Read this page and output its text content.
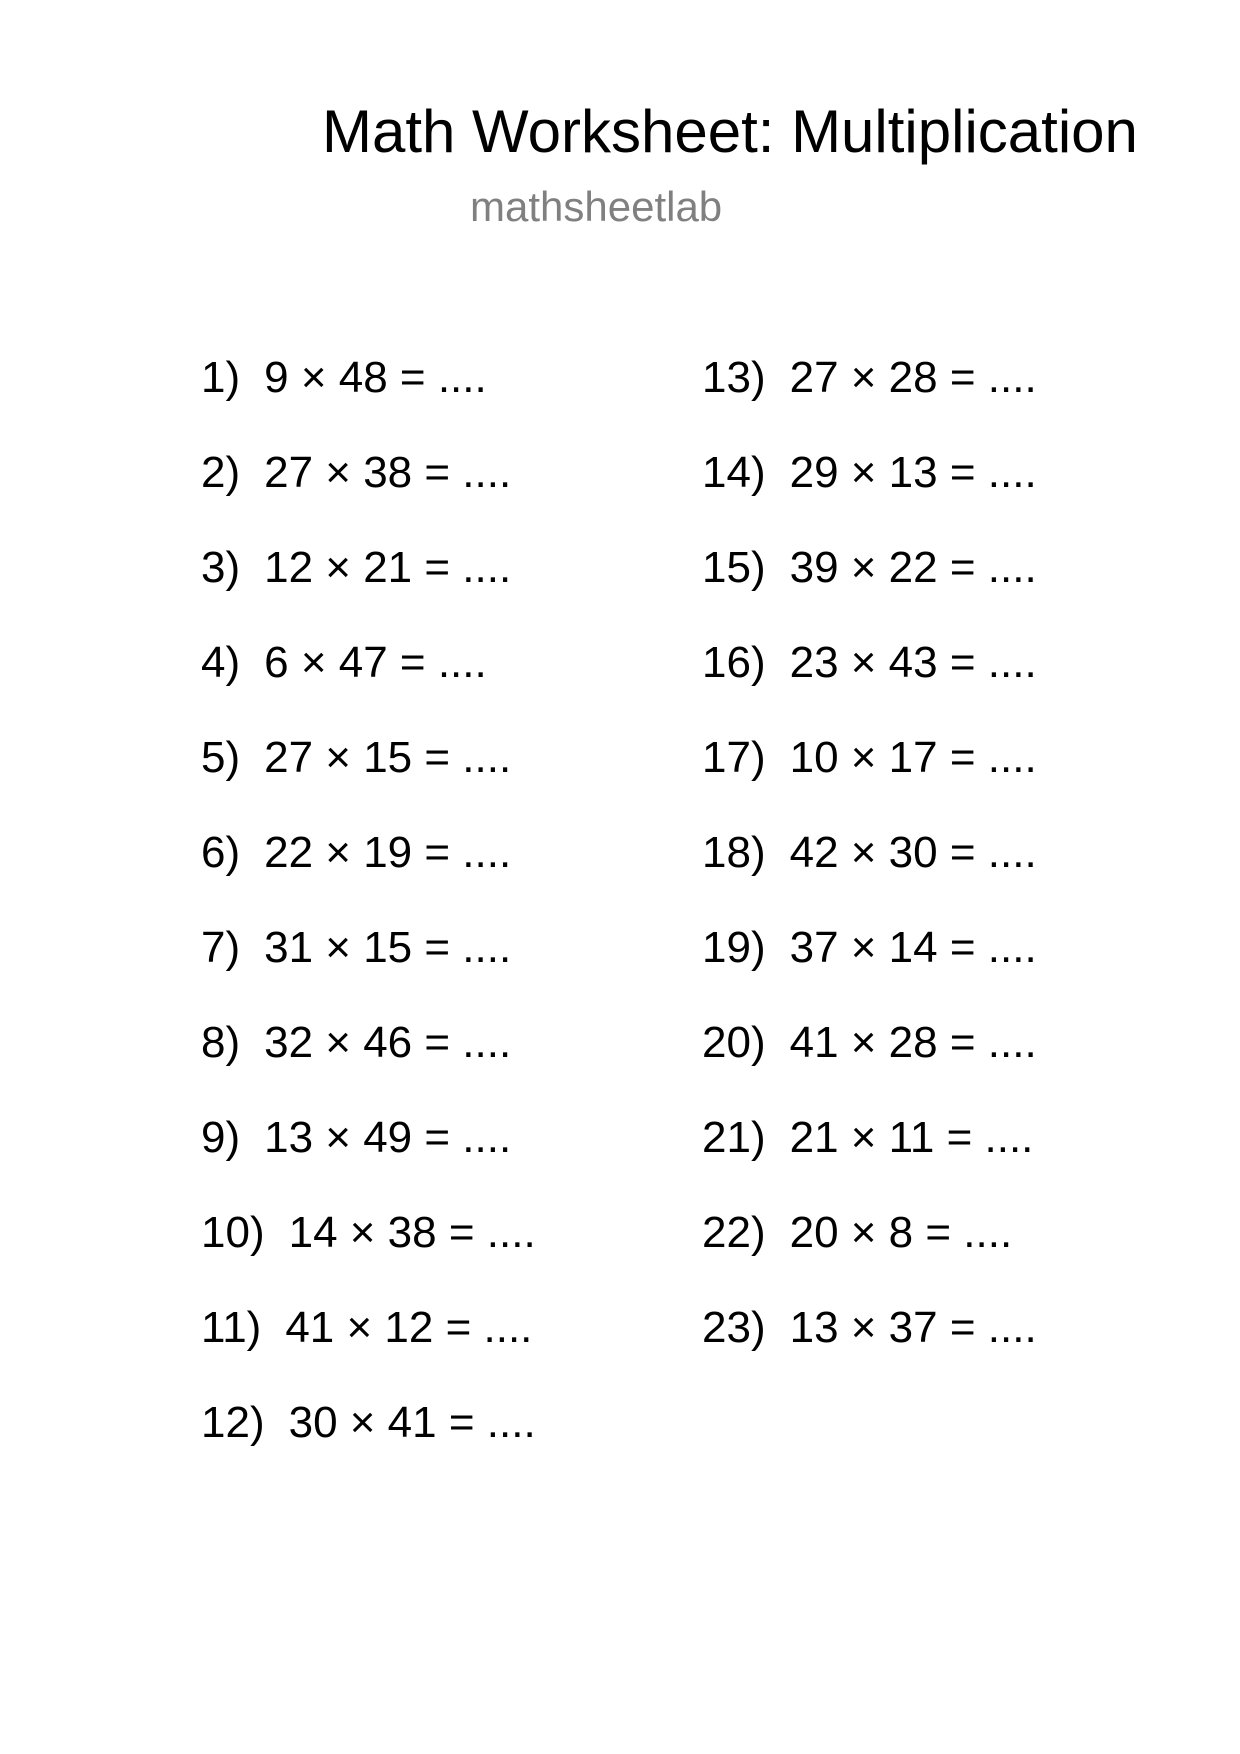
Math Worksheet: Multiplication
mathsheetlab
1) 9 × 48 = ....
2) 27 × 38 = ....
3) 12 × 21 = ....
4) 6 × 47 = ....
5) 27 × 15 = ....
6) 22 × 19 = ....
7) 31 × 15 = ....
8) 32 × 46 = ....
9) 13 × 49 = ....
10) 14 × 38 = ....
11) 41 × 12 = ....
12) 30 × 41 = ....
13) 27 × 28 = ....
14) 29 × 13 = ....
15) 39 × 22 = ....
16) 23 × 43 = ....
17) 10 × 17 = ....
18) 42 × 30 = ....
19) 37 × 14 = ....
20) 41 × 28 = ....
21) 21 × 11 = ....
22) 20 × 8 = ....
23) 13 × 37 = ....
